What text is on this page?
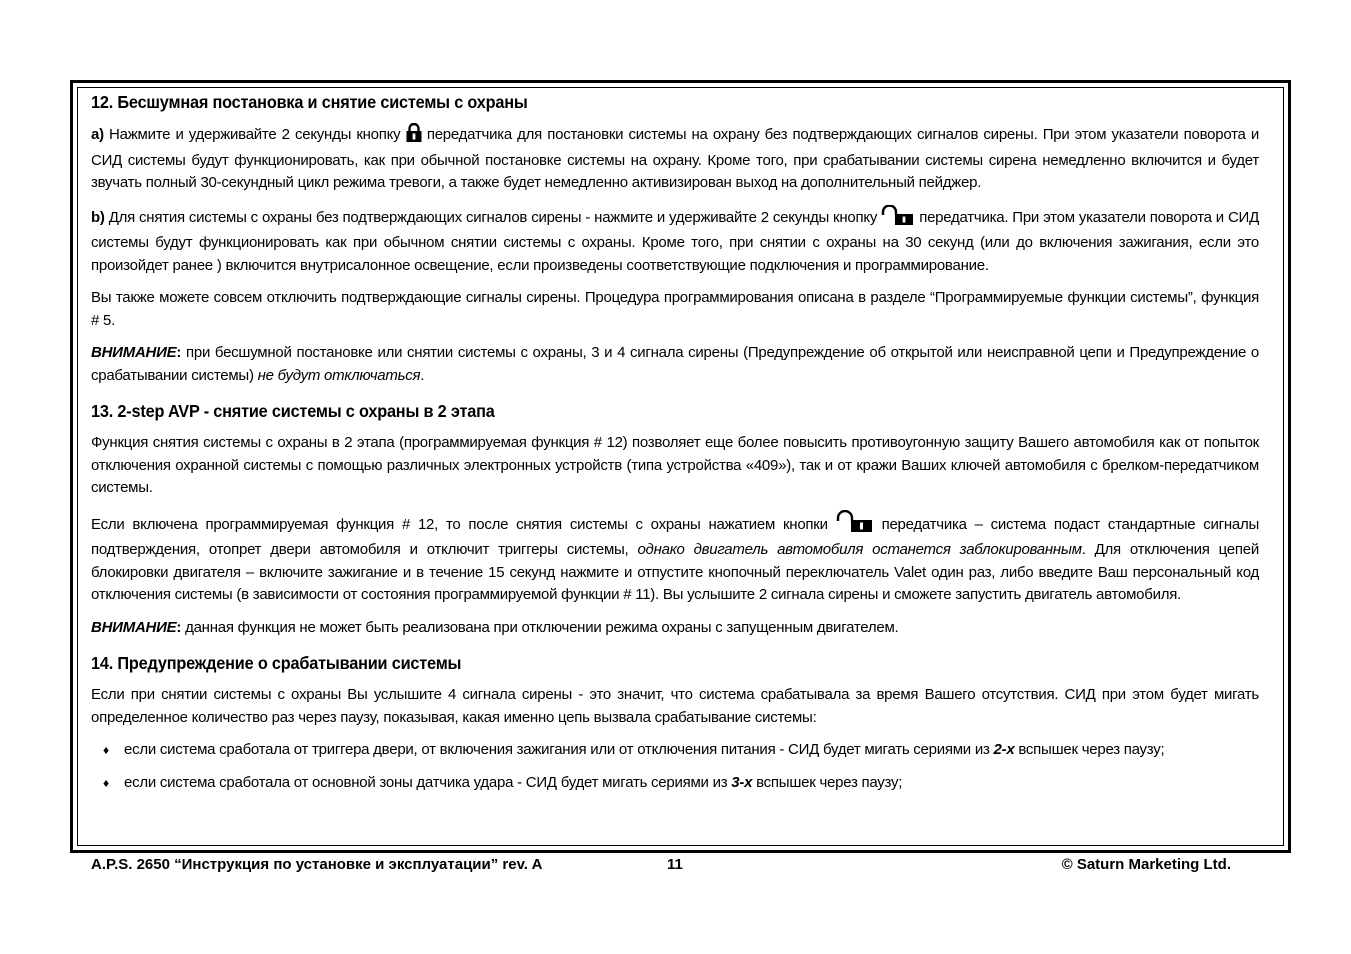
12. Бесшумная постановка и снятие системы с охраны

a) Нажмите и удерживайте 2 секунды кнопку  передатчика для постановки системы на охрану без подтверждающих сигналов сирены. При этом указатели поворота и СИД системы будут функционировать, как при обычной постановке системы на охрану. Кроме того, при срабатывании системы сирена немедленно включится и будет звучать полный 30-секундный цикл режима тревоги, а также будет немедленно активизирован выход на дополнительный пейджер.

b) Для снятия системы с охраны без подтверждающих сигналов сирены - нажмите и удерживайте 2 секунды кнопку  передатчика. При этом указатели поворота и СИД системы будут функционировать как при обычном снятии системы с охраны. Кроме того, при снятии с охраны на 30 секунд (или до включения зажигания, если это произойдет ранее ) включится внутрисалонное освещение, если произведены соответствующие подключения и программирование.

Вы также можете совсем отключить подтверждающие сигналы сирены. Процедура программирования описана в разделе “Программируемые функции системы”, функция # 5.

ВНИМАНИЕ: при бесшумной постановке или снятии системы с охраны, 3 и 4 сигнала сирены (Предупреждение об открытой или неисправной цепи и Предупреждение о срабатывании системы) не будут отключаться.

13. 2-step AVP - снятие системы с охраны в 2 этапа

Функция снятия системы с охраны в 2 этапа (программируемая функция # 12) позволяет еще более повысить противоугонную защиту Вашего автомобиля как от попыток отключения охранной системы с помощью различных электронных устройств (типа устройства «409»), так и от кражи Ваших ключей автомобиля с брелком-передатчиком системы.

Если включена программируемая функция # 12, то после снятия системы с охраны нажатием кнопки	передатчика – система подаст стандартные сигналы подтверждения, отопрет двери автомобиля и отключит триггеры системы, однако двигатель автомобиля останется заблокированным. Для отключения цепей блокировки двигателя – включите зажигание и в течение 15 секунд нажмите и отпустите кнопочный переключатель Valet один раз, либо введите Ваш персональный код отключения системы (в зависимости от состояния программируемой функции # 11). Вы услышите 2 сигнала сирены и сможете запустить двигатель автомобиля.

ВНИМАНИЕ: данная функция не может быть реализована при отключении режима охраны с запущенным двигателем.

14. Предупреждение о срабатывании системы

Если при снятии системы с охраны Вы услышите 4 сигнала сирены - это значит, что система срабатывала за время Вашего отсутствия. СИД при этом будет мигать определенное количество раз через паузу, показывая, какая именно цепь вызвала срабатывание системы:

♦ если система сработала от триггера двери, от включения зажигания или от отключения питания - СИД будет мигать сериями из 2-х вспышек через паузу;
♦ если система сработала от основной зоны датчика удара - СИД будет мигать сериями из 3-х вспышек через паузу;
A.P.S. 2650 “Инструкция по установке и эксплуатации” rev. A	11	© Saturn Marketing Ltd.
